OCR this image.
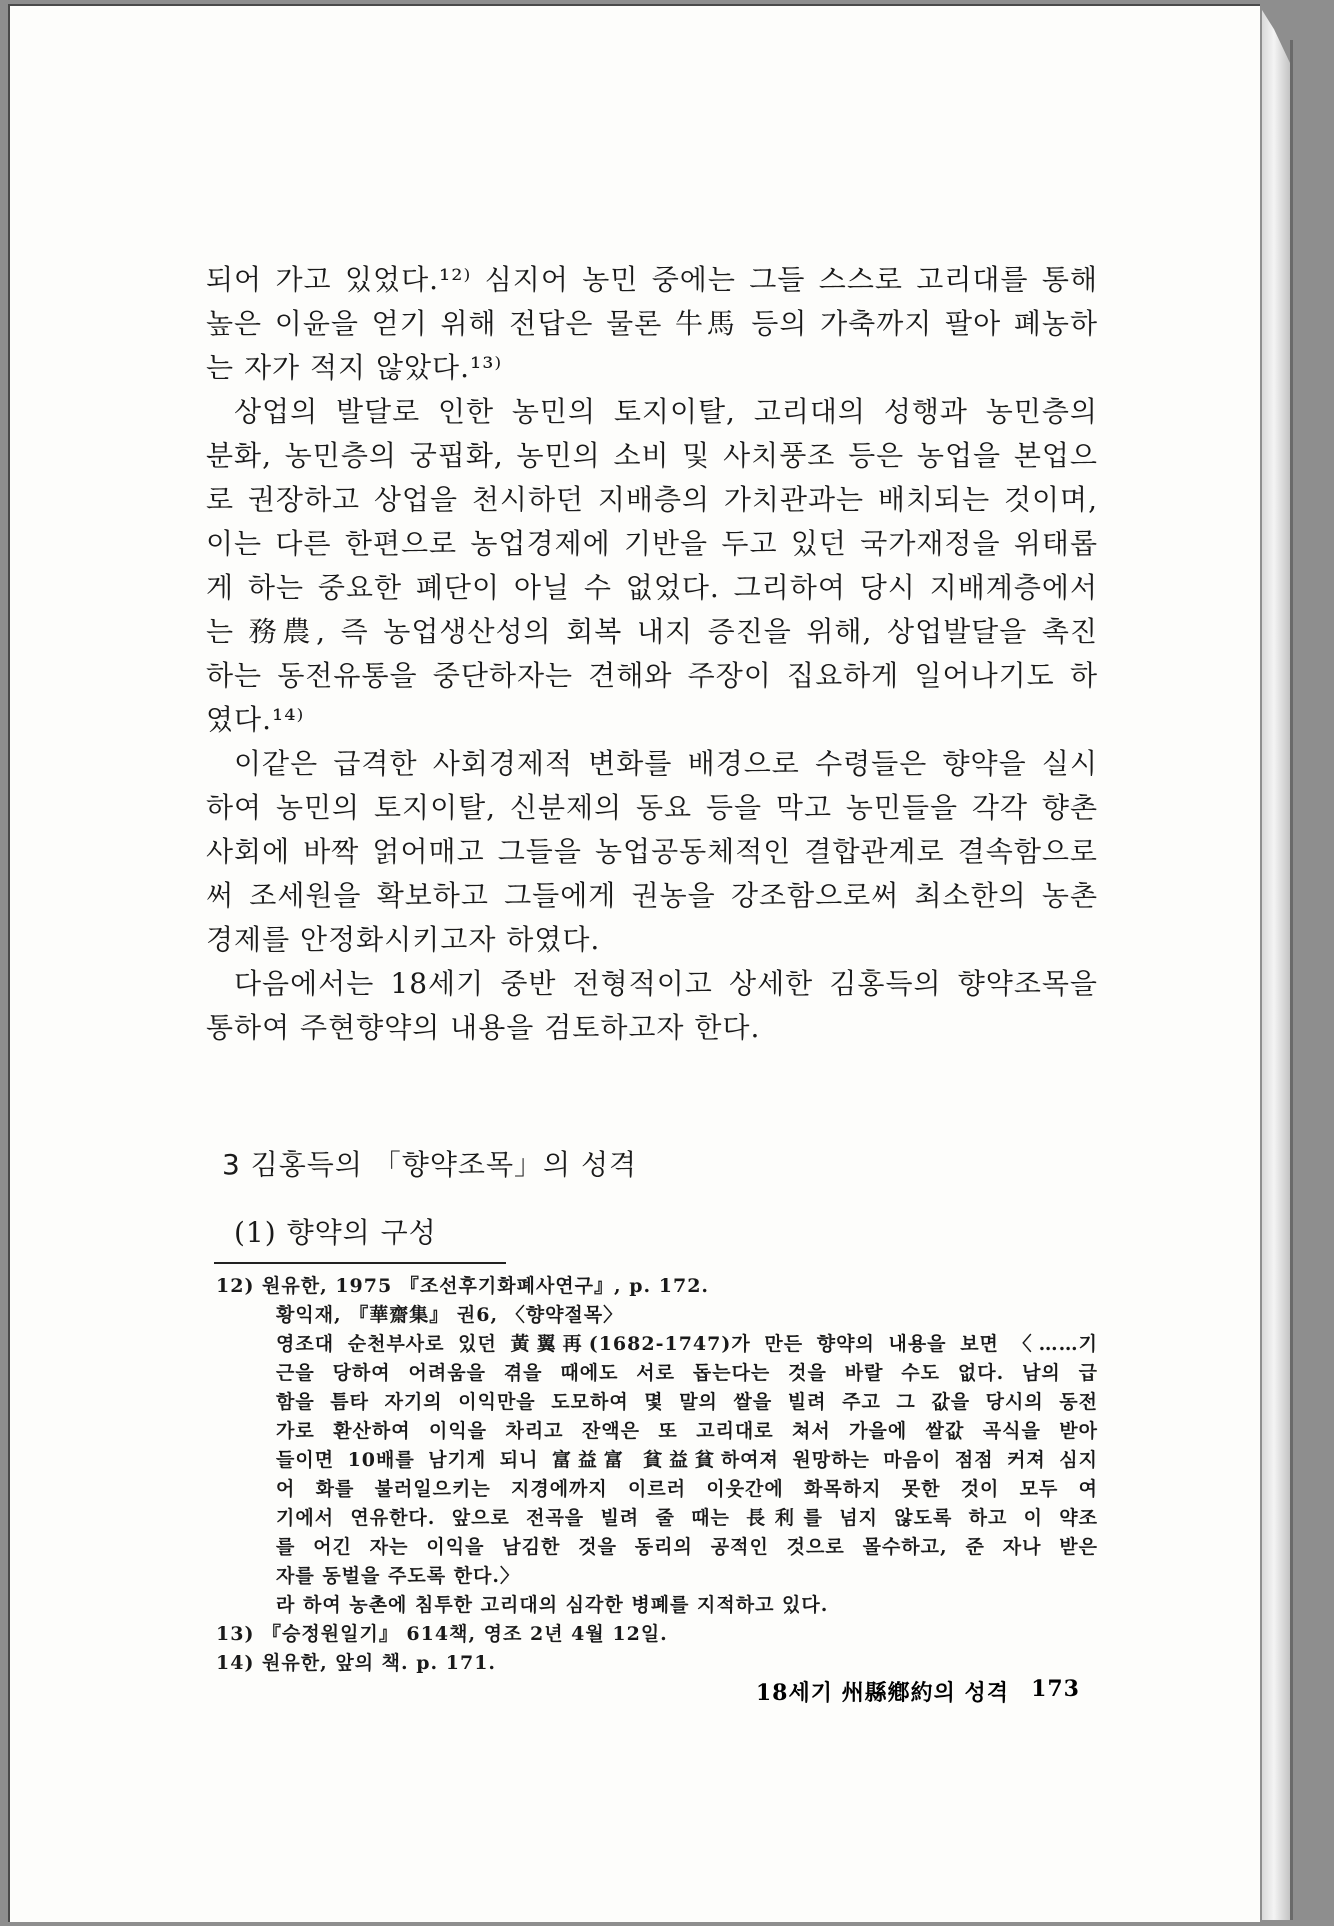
되어 가고 있었다.¹²⁾ 심지어 농민 중에는 그들 스스로 고리대를 통해
높은 이윤을 얻기 위해 전답은 물론 牛馬 등의 가축까지 팔아 폐농하
는 자가 적지 않았다.¹³⁾
상업의 발달로 인한 농민의 토지이탈, 고리대의 성행과 농민층의
분화, 농민층의 궁핍화, 농민의 소비 및 사치풍조 등은 농업을 본업으
로 권장하고 상업을 천시하던 지배층의 가치관과는 배치되는 것이며,
이는 다른 한편으로 농업경제에 기반을 두고 있던 국가재정을 위태롭
게 하는 중요한 폐단이 아닐 수 없었다. 그리하여 당시 지배계층에서
는 務農, 즉 농업생산성의 회복 내지 증진을 위해, 상업발달을 촉진
하는 동전유통을 중단하자는 견해와 주장이 집요하게 일어나기도 하
였다.¹⁴⁾
이같은 급격한 사회경제적 변화를 배경으로 수령들은 향약을 실시
하여 농민의 토지이탈, 신분제의 동요 등을 막고 농민들을 각각 향촌
사회에 바짝 얽어매고 그들을 농업공동체적인 결합관계로 결속함으로
써 조세원을 확보하고 그들에게 권농을 강조함으로써 최소한의 농촌
경제를 안정화시키고자 하였다.
다음에서는 18세기 중반 전형적이고 상세한 김홍득의 향약조목을
통하여 주현향약의 내용을 검토하고자 한다.
3 김홍득의 「향약조목」의 성격
(1) 향약의 구성
12) 원유한, 1975 『조선후기화폐사연구』, p. 172.
황익재, 『華齋集』 권6, 〈향약절목〉
영조대 순천부사로 있던 黃翼再(1682-1747)가 만든 향약의 내용을 보면 〈……기
근을 당하여 어려움을 겪을 때에도 서로 돕는다는 것을 바랄 수도 없다. 남의 급
함을 틈타 자기의 이익만을 도모하여 몇 말의 쌀을 빌려 주고 그 값을 당시의 동전
가로 환산하여 이익을 차리고 잔액은 또 고리대로 쳐서 가을에 쌀값 곡식을 받아
들이면 10배를 남기게 되니 富益富 貧益貧하여져 원망하는 마음이 점점 커져 심지
어 화를 불러일으키는 지경에까지 이르러 이웃간에 화목하지 못한 것이 모두 여
기에서 연유한다. 앞으로 전곡을 빌려 줄 때는 長利를 넘지 않도록 하고 이 약조
를 어긴 자는 이익을 남김한 것을 동리의 공적인 것으로 몰수하고, 준 자나 받은
자를 동벌을 주도록 한다.〉
라 하여 농촌에 침투한 고리대의 심각한 병폐를 지적하고 있다.
13) 『승정원일기』 614책, 영조 2년 4월 12일.
14) 원유한, 앞의 책. p. 171.
18세기 州縣鄕約의 성격 173
